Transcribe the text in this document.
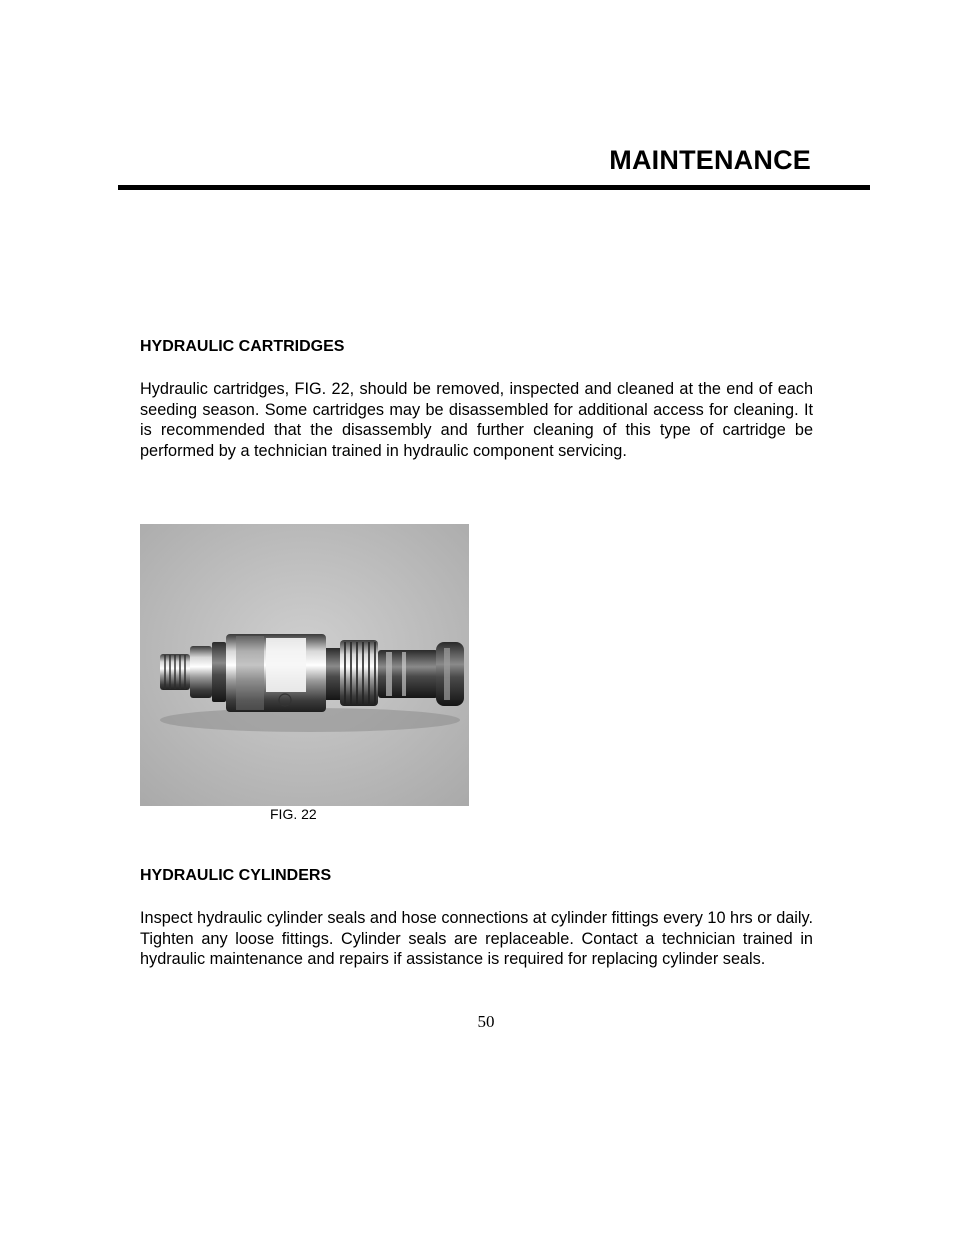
MAINTENANCE
HYDRAULIC CARTRIDGES

Hydraulic cartridges, FIG. 22, should be removed, inspected and cleaned at the end of each seeding season. Some cartridges may be disassembled for additional access for cleaning. It is recommended that the disassembly and further cleaning of this type of cartridge be performed by a technician trained in hydraulic component servicing.

FIG. 22
HYDRAULIC CYLINDERS

Inspect hydraulic cylinder seals and hose connections at cylinder fittings every 10 hrs or daily. Tighten any loose fittings. Cylinder seals are replaceable. Contact a technician trained in hydraulic maintenance and repairs if assistance is required for replacing cylinder seals.

50
